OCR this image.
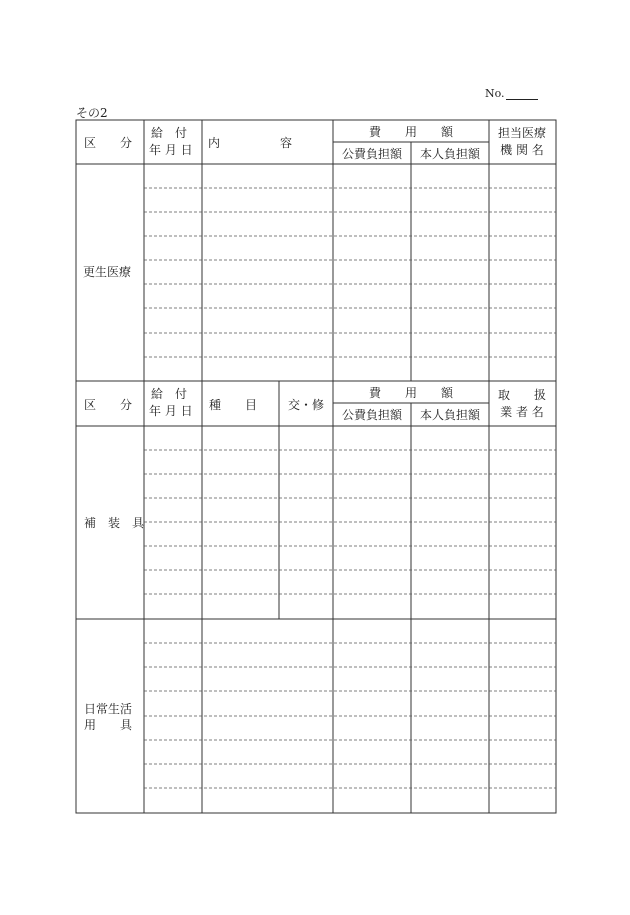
No.
その2
区　　分
給　付
年 月 日 内　　　　　容
費　　用　　額
公費負担額 本人負担額
担当医療
機 関 名
更生医療
区　　分
給　付
年 月 日 種　　目	交・修
費　　用　　額
公費負担額 本人負担額
取　　扱
業 者 名
補　装　具
日常生活
用　　具
